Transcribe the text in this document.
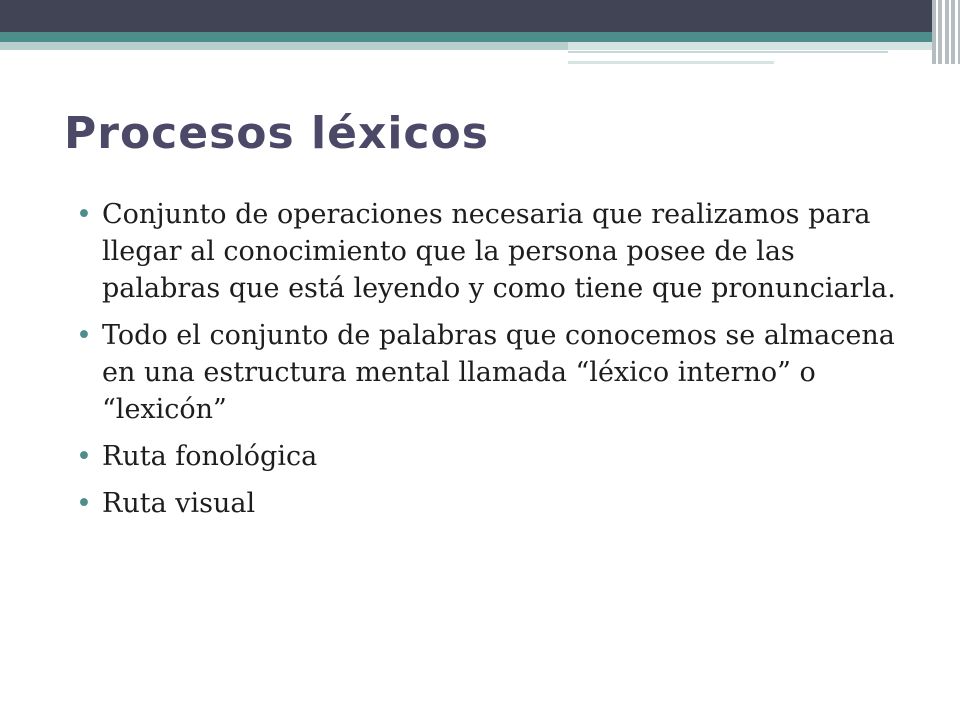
Procesos léxicos
• Conjunto de operaciones necesaria que realizamos para llegar al conocimiento que la persona posee de las palabras que está leyendo y como tiene que pronunciarla.
• Todo el conjunto de palabras que conocemos se almacena en una estructura mental llamada “léxico interno” o “lexicón”
• Ruta fonológica
• Ruta visual
